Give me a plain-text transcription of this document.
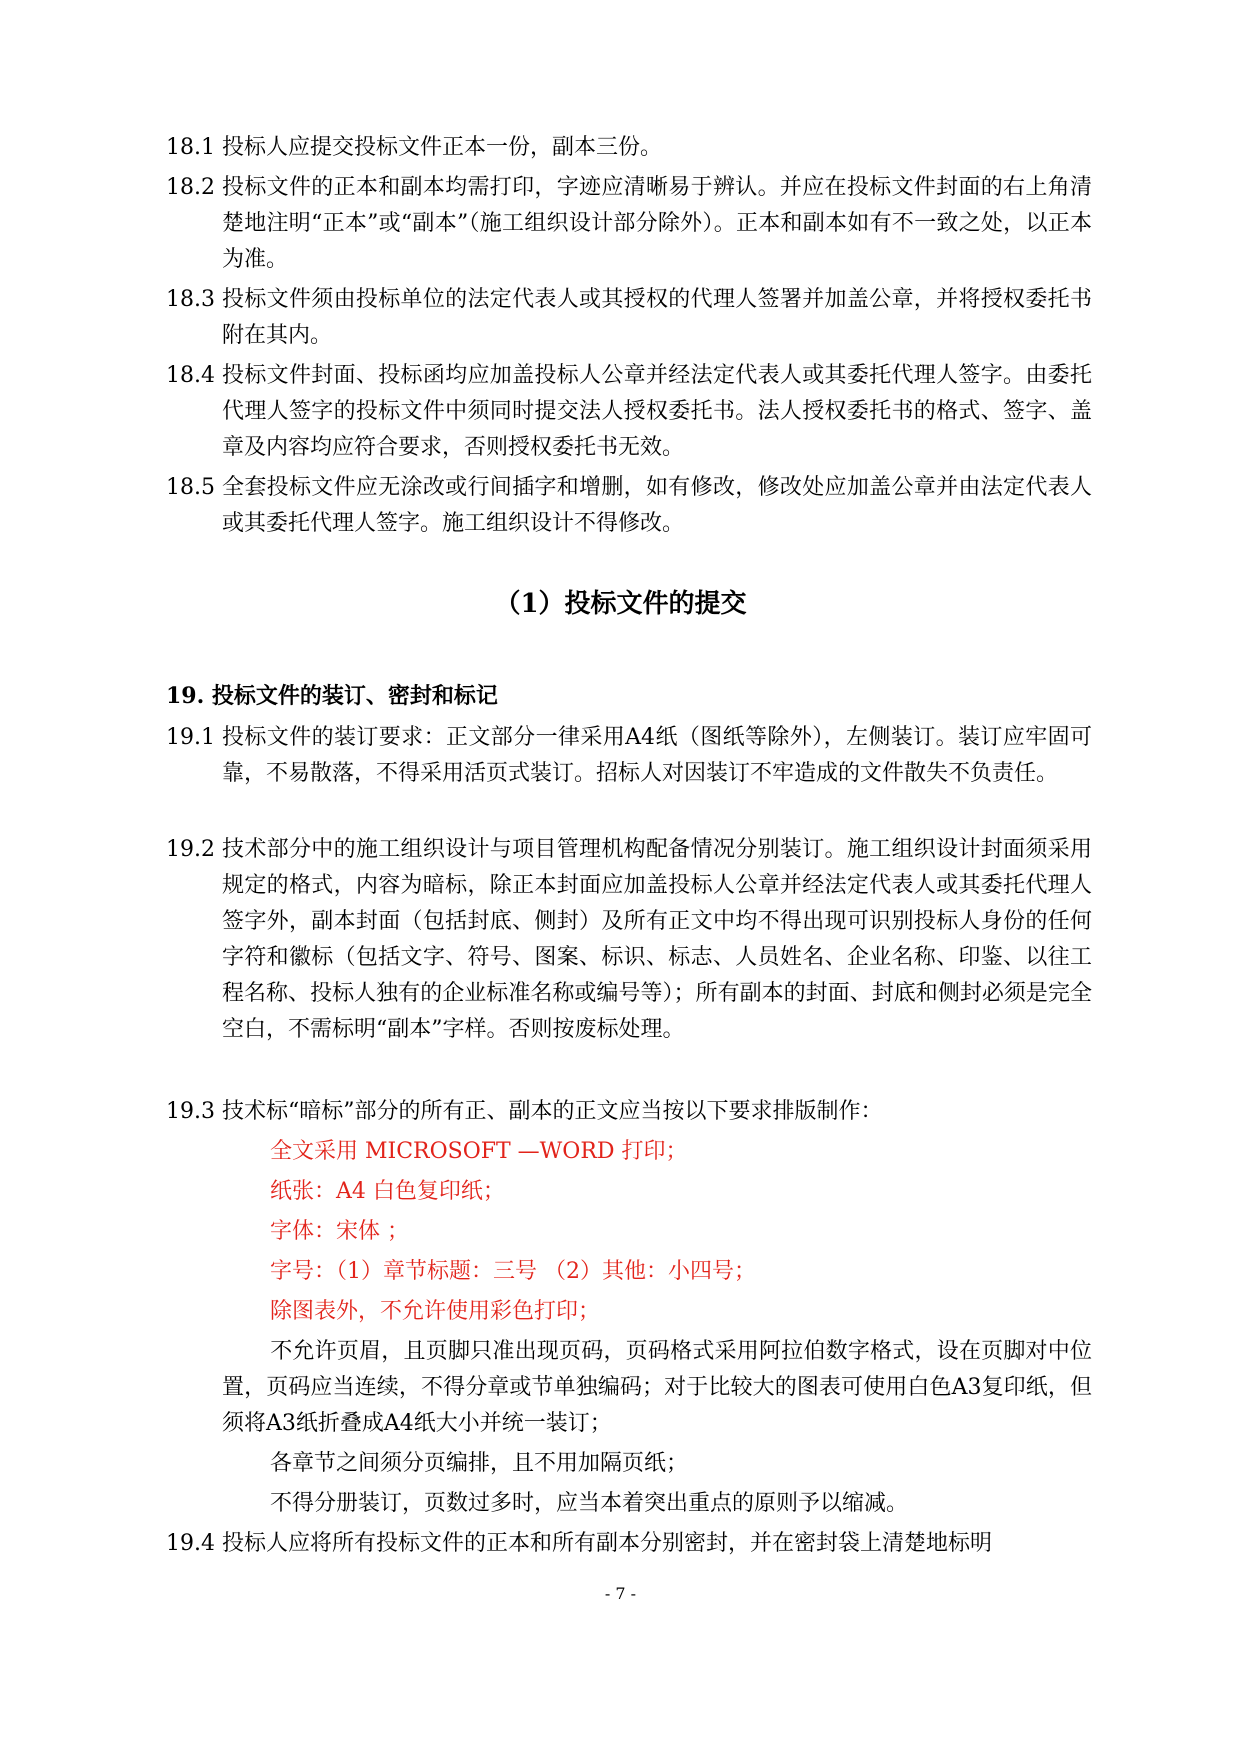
18.1 投标人应提交投标文件正本一份，副本三份。
18.2 投标文件的正本和副本均需打印，字迹应清晰易于辨认。并应在投标文件封面的右上角清楚地注明“正本”或“副本”（施工组织设计部分除外）。正本和副本如有不一致之处，以正本为准。
18.3 投标文件须由投标单位的法定代表人或其授权的代理人签署并加盖公章，并将授权委托书附在其内。
18.4 投标文件封面、投标函均应加盖投标人公章并经法定代表人或其委托代理人签字。由委托代理人签字的投标文件中须同时提交法人授权委托书。法人授权委托书的格式、签字、盖章及内容均应符合要求，否则授权委托书无效。
18.5 全套投标文件应无涂改或行间插字和增删，如有修改，修改处应加盖公章并由法定代表人或其委托代理人签字。施工组织设计不得修改。
（1）投标文件的提交
19. 投标文件的装订、密封和标记
19.1 投标文件的装订要求：正文部分一律采用A4纸（图纸等除外），左侧装订。装订应牢固可靠，不易散落，不得采用活页式装订。招标人对因装订不牢造成的文件散失不负责任。
19.2 技术部分中的施工组织设计与项目管理机构配备情况分别装订。施工组织设计封面须采用规定的格式，内容为暗标，除正本封面应加盖投标人公章并经法定代表人或其委托代理人签字外，副本封面（包括封底、侧封）及所有正文中均不得出现可识别投标人身份的任何字符和徽标（包括文字、符号、图案、标识、标志、人员姓名、企业名称、印鉴、以往工程名称、投标人独有的企业标准名称或编号等）；所有副本的封面、封底和侧封必须是完全空白，不需标明“副本”字样。否则按废标处理。
19.3 技术标“暗标”部分的所有正、副本的正文应当按以下要求排版制作：
全文采用 MICROSOFT —WORD 打印；
纸张：A4 白色复印纸；
字体：宋体 ；
字号：（1）章节标题：三号 （2）其他：小四号；
除图表外，不允许使用彩色打印；
不允许页眉，且页脚只准出现页码，页码格式采用阿拉伯数字格式，设在页脚对中位置，页码应当连续，不得分章或节单独编码；对于比较大的图表可使用白色A3复印纸，但须将A3纸折叠成A4纸大小并统一装订；
各章节之间须分页编排，且不用加隔页纸；
不得分册装订，页数过多时，应当本着突出重点的原则予以缩减。
19.4 投标人应将所有投标文件的正本和所有副本分别密封，并在密封袋上清楚地标明
- 7 -
